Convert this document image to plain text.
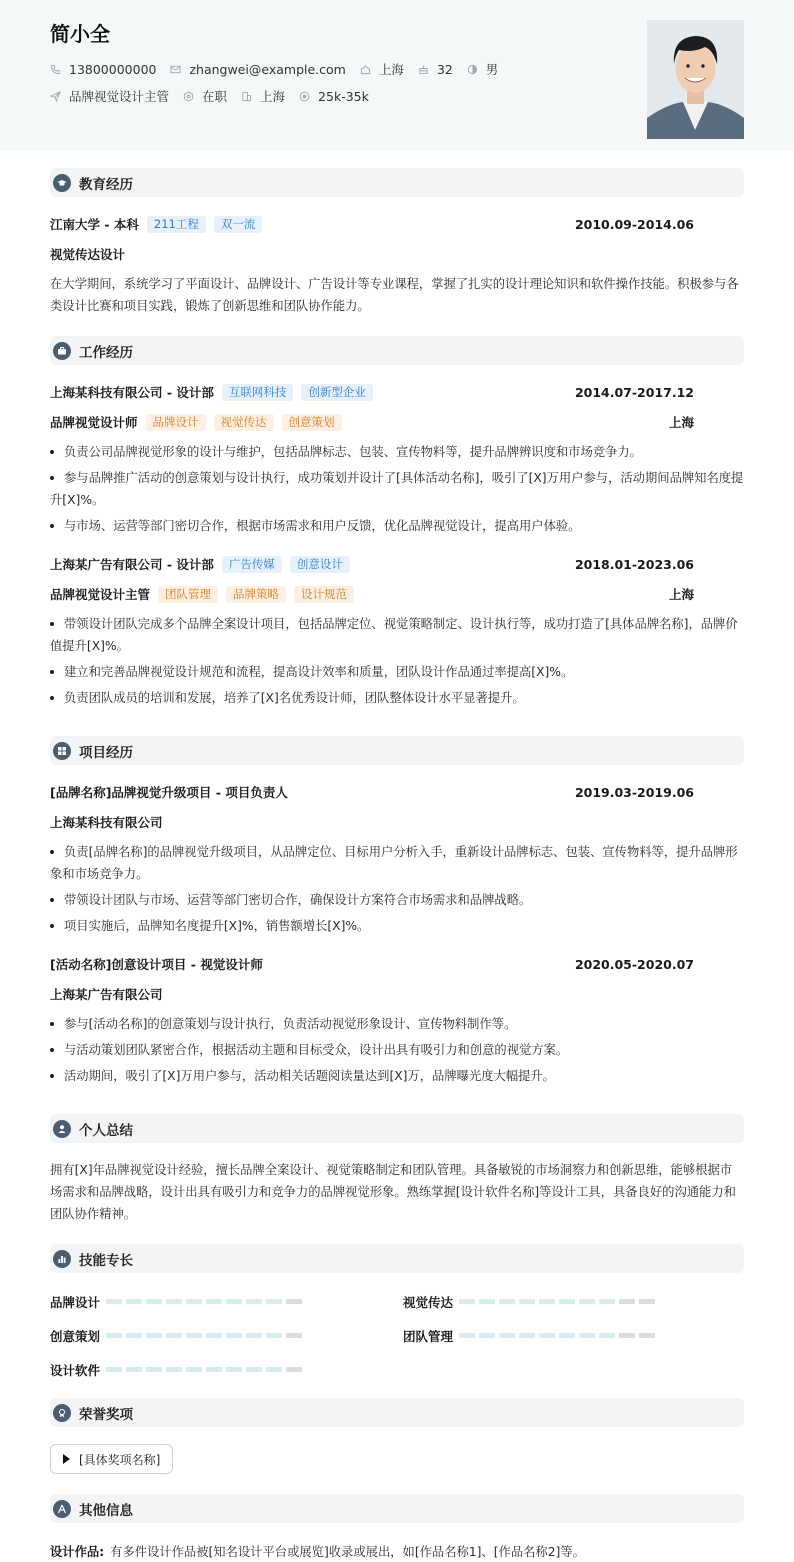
简小全
13800000000	zhangwei@example.com	上海	32	男
品牌视觉设计主管	在职	上海	25k-35k
教育经历
江南大学 - 本科	211工程	双一流	2010.09-2014.06
视觉传达设计
在大学期间，系统学习了平面设计、品牌设计、广告设计等专业课程，掌握了扎实的设计理论知识和软件操作技能。积极参与各类设计比赛和项目实践，锻炼了创新思维和团队协作能力。
工作经历
上海某科技有限公司 - 设计部	互联网科技	创新型企业	2014.07-2017.12
品牌视觉设计师	品牌设计	视觉传达	创意策划	上海
负责公司品牌视觉形象的设计与维护，包括品牌标志、包装、宣传物料等，提升品牌辨识度和市场竞争力。
参与品牌推广活动的创意策划与设计执行，成功策划并设计了[具体活动名称]，吸引了[X]万用户参与，活动期间品牌知名度提升[X]%。
与市场、运营等部门密切合作，根据市场需求和用户反馈，优化品牌视觉设计，提高用户体验。
上海某广告有限公司 - 设计部	广告传媒	创意设计	2018.01-2023.06
品牌视觉设计主管	团队管理	品牌策略	设计规范	上海
带领设计团队完成多个品牌全案设计项目，包括品牌定位、视觉策略制定、设计执行等，成功打造了[具体品牌名称]，品牌价值提升[X]%。
建立和完善品牌视觉设计规范和流程，提高设计效率和质量，团队设计作品通过率提高[X]%。
负责团队成员的培训和发展，培养了[X]名优秀设计师，团队整体设计水平显著提升。
项目经历
[品牌名称]品牌视觉升级项目 - 项目负责人	2019.03-2019.06
上海某科技有限公司
负责[品牌名称]的品牌视觉升级项目，从品牌定位、目标用户分析入手，重新设计品牌标志、包装、宣传物料等，提升品牌形象和市场竞争力。
带领设计团队与市场、运营等部门密切合作，确保设计方案符合市场需求和品牌战略。
项目实施后，品牌知名度提升[X]%，销售额增长[X]%。
[活动名称]创意设计项目 - 视觉设计师	2020.05-2020.07
上海某广告有限公司
参与[活动名称]的创意策划与设计执行，负责活动视觉形象设计、宣传物料制作等。
与活动策划团队紧密合作，根据活动主题和目标受众，设计出具有吸引力和创意的视觉方案。
活动期间，吸引了[X]万用户参与，活动相关话题阅读量达到[X]万，品牌曝光度大幅提升。
个人总结
拥有[X]年品牌视觉设计经验，擅长品牌全案设计、视觉策略制定和团队管理。具备敏锐的市场洞察力和创新思维，能够根据市场需求和品牌战略，设计出具有吸引力和竞争力的品牌视觉形象。熟练掌握[设计软件名称]等设计工具，具备良好的沟通能力和团队协作精神。
技能专长
品牌设计	视觉传达
创意策划	团队管理
设计软件
荣誉奖项
[具体奖项名称]
其他信息
设计作品: 有多件设计作品被[知名设计平台或展览]收录或展出，如[作品名称1]、[作品名称2]等。
